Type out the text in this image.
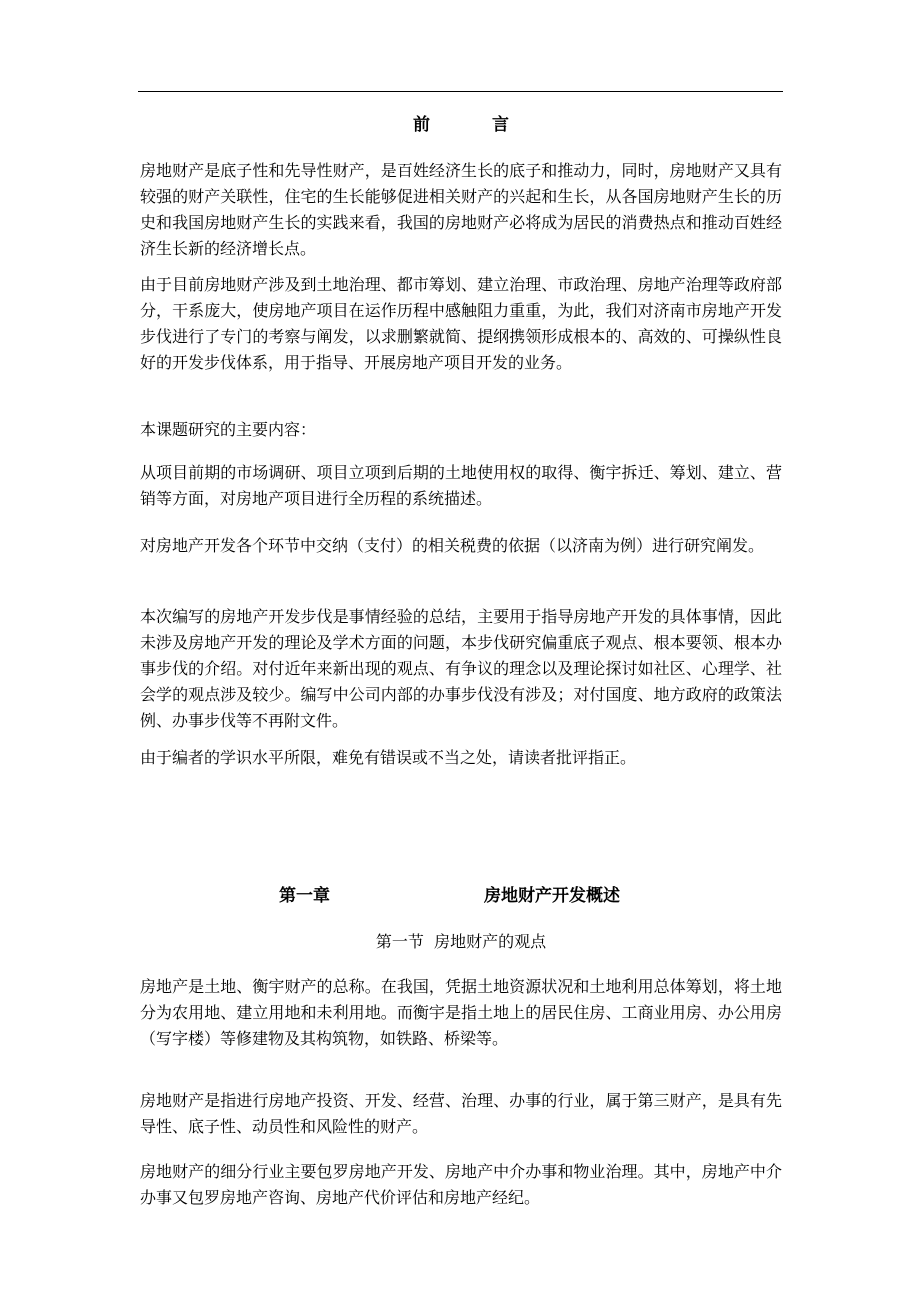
前	言

房地财产是底子性和先导性财产，是百姓经济生长的底子和推动力，同时，房地财产又具有较强的财产关联性，住宅的生长能够促进相关财产的兴起和生长，从各国房地财产生长的历史和我国房地财产生长的实践来看，我国的房地财产必将成为居民的消费热点和推动百姓经济生长新的经济增长点。

由于目前房地财产涉及到土地治理、都市筹划、建立治理、市政治理、房地产治理等政府部分，干系庞大，使房地产项目在运作历程中感触阻力重重，为此，我们对济南市房地产开发步伐进行了专门的考察与阐发，以求删繁就简、提纲携领形成根本的、高效的、可操纵性良好的开发步伐体系，用于指导、开展房地产项目开发的业务。

本课题研究的主要内容：

从项目前期的市场调研、项目立项到后期的土地使用权的取得、衡宇拆迁、筹划、建立、营销等方面，对房地产项目进行全历程的系统描述。

对房地产开发各个环节中交纳（支付）的相关税费的依据（以济南为例）进行研究阐发。

本次编写的房地产开发步伐是事情经验的总结，主要用于指导房地产开发的具体事情，因此未涉及房地产开发的理论及学术方面的问题，本步伐研究偏重底子观点、根本要领、根本办事步伐的介绍。对付近年来新出现的观点、有争议的理念以及理论探讨如社区、心理学、社会学的观点涉及较少。编写中公司内部的办事步伐没有涉及；对付国度、地方政府的政策法例、办事步伐等不再附文件。

由于编者的学识水平所限，难免有错误或不当之处，请读者批评指正。

第一章	房地财产开发概述
第一节  房地财产的观点

房地产是土地、衡宇财产的总称。在我国，凭据土地资源状况和土地利用总体筹划，将土地分为农用地、建立用地和未利用地。而衡宇是指土地上的居民住房、工商业用房、办公用房（写字楼）等修建物及其构筑物，如铁路、桥梁等。

房地财产是指进行房地产投资、开发、经营、治理、办事的行业，属于第三财产，是具有先导性、底子性、动员性和风险性的财产。

房地财产的细分行业主要包罗房地产开发、房地产中介办事和物业治理。其中，房地产中介办事又包罗房地产咨询、房地产代价评估和房地产经纪。
